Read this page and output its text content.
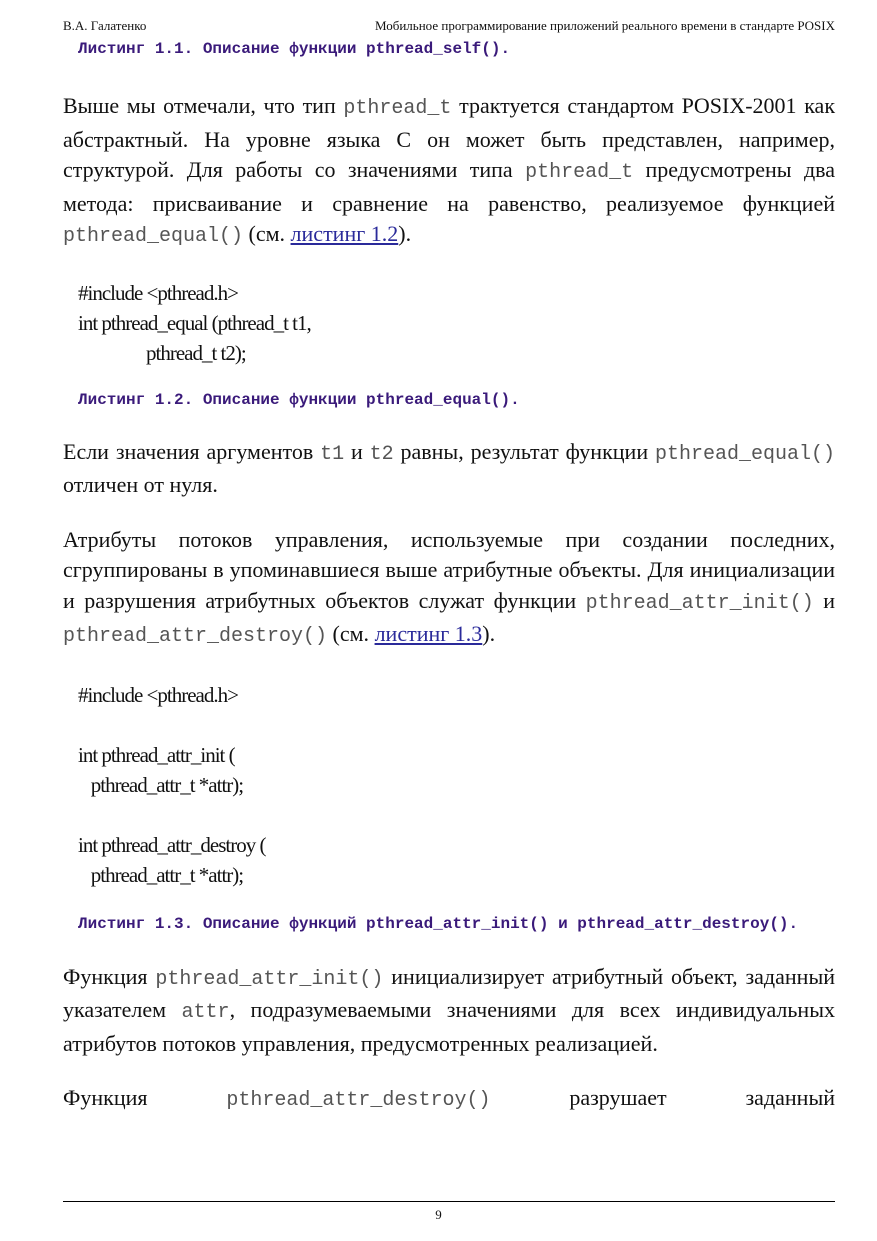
В.А. Галатенко	Мобильное программирование приложений реального времени в стандарте POSIX

Листинг 1.1. Описание функции pthread_self().

Выше мы отмечали, что тип pthread_t трактуется стандартом POSIX-2001 как абстрактный. На уровне языка C он может быть представлен, например, структурой. Для работы со значениями типа pthread_t предусмотрены два метода: присваивание и сравнение на равенство, реализуемое функцией pthread_equal() (см. листинг 1.2).

#include <pthread.h>
int pthread_equal (pthread_t t1,
pthread_t t2);

Листинг 1.2. Описание функции pthread_equal().

Если значения аргументов t1 и t2 равны, результат функции pthread_equal() отличен от нуля.

Атрибуты потоков управления, используемые при создании последних, сгруппированы в упоминавшиеся выше атрибутные объекты. Для инициализации и разрушения атрибутных объектов служат функции pthread_attr_init() и pthread_attr_destroy() (см. листинг 1.3).

#include <pthread.h>
int pthread_attr_init (
pthread_attr_t *attr);
int pthread_attr_destroy (
pthread_attr_t *attr);

Листинг 1.3. Описание функций pthread_attr_init() и pthread_attr_destroy().

Функция pthread_attr_init() инициализирует атрибутный объект, заданный указателем attr, подразумеваемыми значениями для всех индивидуальных атрибутов потоков управления, предусмотренных реализацией.

Функция pthread_attr_destroy() разрушает заданный

9
